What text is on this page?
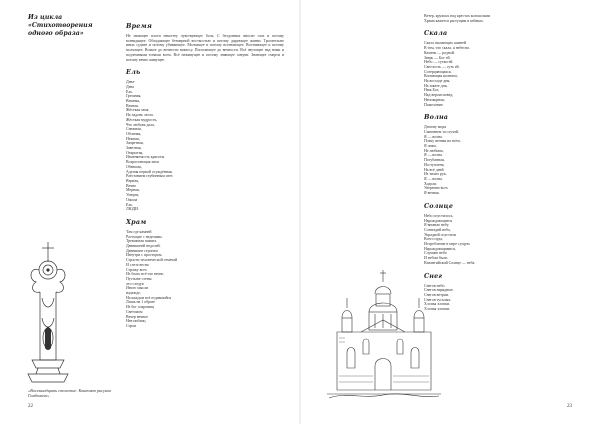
Из цикла
«Стихотворения
одного образа»
«Восемнадцать столетие. Контакт рисунок Гомбовича»
Время
Не знающее плоти некогтеу чувствующее боль. С бездонных вносит глаз и потому всевидящее. Обладающее безмерной восткостью и потому дарующее жизни. Трогательно иных суднее и потому убивающее. Молчащее и потому всезнающее. Всезнающее и потому молчащее. Всякое до вечности мимосу. Погасающее до вечности. Всё звучащее над нами и подземными тонами всем. Всё неживущее и потому знающее смерти. Знающее смерти и потому вечно живущее.
Ель
Дева-
Дева
Ель.
Грешная,
Вешняя,
Вечная.
Жёсткая хвоя
На ладонь легла.
Жёсткая мудрость,
Что любовь дала,
Снежная,
Обличая,
Нежная,
Запретная,
Заветная,
Открытая,
Изменяемость красоты
Возрастающая хвоя
Обвешая,
Аделия первой осуждённая,
Раёстанием глубинным свет.
Верная,
Вечно
Мерная,
Умерла,
Ожила
Ель.
ЛЮДИ.
Храм
Там где камней
Растущие с неделями,
Тревожная память
Давнишней недолей.
Давнишне строгим
Изнутри с простором.
Страсти человеческой отмечай
И слеза весна
Стражу всех
Из благо всё что вечно
Пустыне стены
что следуя
Иного мысли
надежде,
На каждом всё отдавшийся
Лишь на 1 образе
Из бог сокровищ
Светомом
Вечер вечное
Нев пиблиц
Строи
22
Ветер, кружась над крестах колоколами
Храма кажется растущим в кабаках.
Скала
Скала пылающих камней
В том, что скала, я небесна.
Камень — родной.
Зверь — Бог ей.
Небо — сутки ей.
Светлость — суть ей.
Созерцающаяся,
Вопиющая коленом,
На восходе дня,
На закате дня,
Ниж Бог,
Над вероисповед,
Непокорная,
Пожелание.
Волна
Демону моря
Сыновнем за случай,
Я — волна.
Плачу вечная на всем.
Я лики,
Не любима,
Я — волна.
Погубанная,
Исступлена,
На всё дней
Из тихих рук.
Я — волна.
Ходила.
Уверенно всех
Я вечная.
Солнце
Небо опустилось.
Нарождающиеся
Я вновью небу.
Созвездий небо,
Украдкой спустили
Всего пуда,
Истребление в мере сущую.
Нарождающимися,
Слушаю небо
И небом было.
Византийский Солнце — неба.
Снег
Снегов небо.
Снегов нарядные.
Снегов ветрам.
Снегов тусклых.
Хлопья хлопки.
Хлопья хлопки.
23
